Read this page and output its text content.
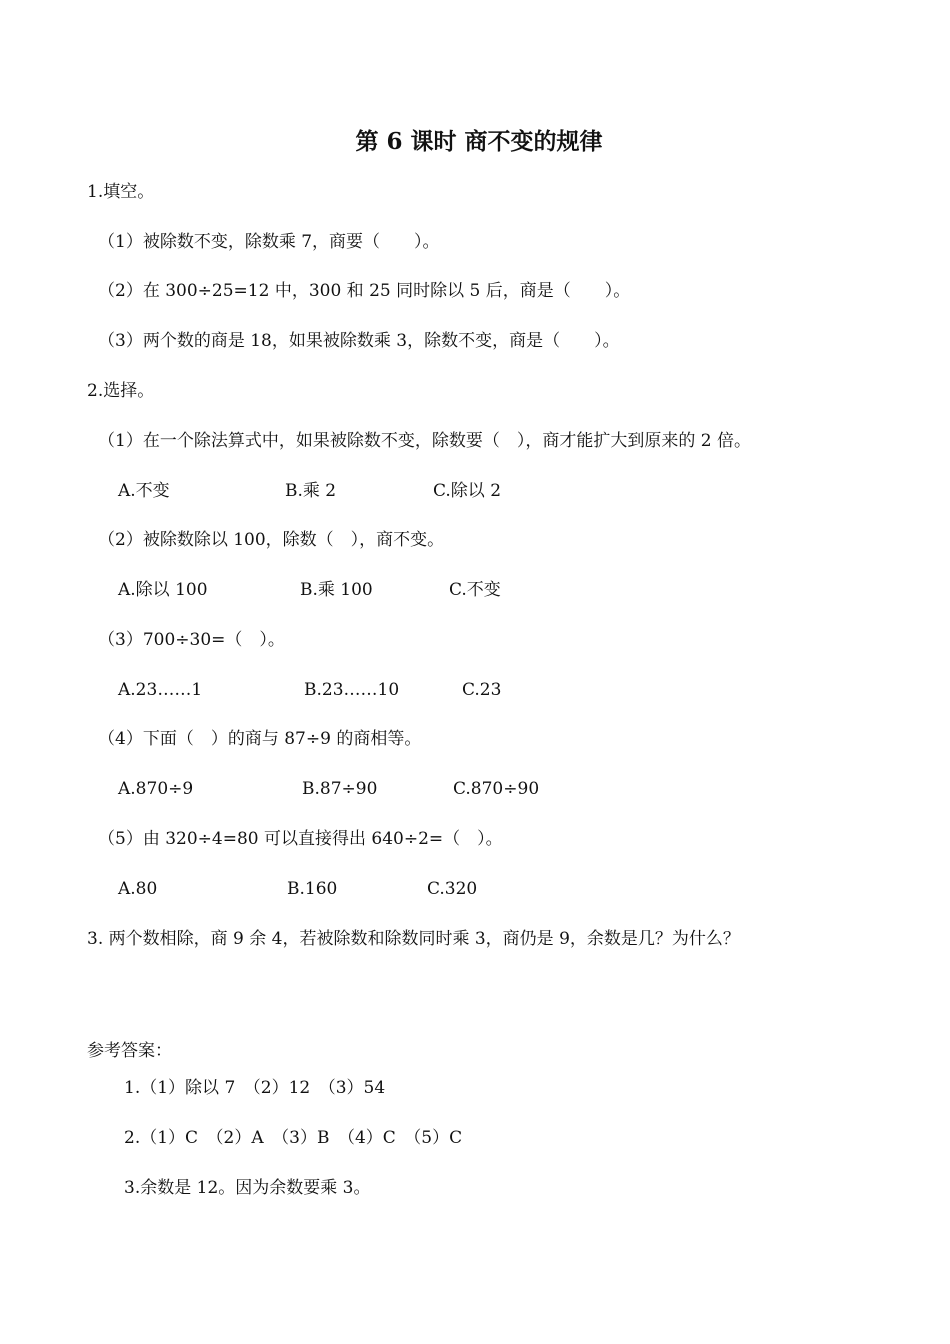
第 6 课时 商不变的规律
1.填空。
（1）被除数不变，除数乘 7，商要（　　）。
（2）在 300÷25=12 中，300 和 25 同时除以 5 后，商是（　　）。
（3）两个数的商是 18，如果被除数乘 3，除数不变，商是（　　）。
2.选择。
（1）在一个除法算式中，如果被除数不变，除数要（　），商才能扩大到原来的 2 倍。
A.不变	B.乘 2	C.除以 2
（2）被除数除以 100，除数（　），商不变。
A.除以 100	B.乘 100	C.不变
（3）700÷30=（　）。
A.23……1	B.23……10	C.23
（4）下面（　）的商与 87÷9 的商相等。
A.870÷9	B.87÷90	C.870÷90
（5）由 320÷4=80 可以直接得出 640÷2=（　）。
A.80	B.160	C.320
3. 两个数相除，商 9 余 4，若被除数和除数同时乘 3，商仍是 9，余数是几？为什么？
参考答案：
1.（1）除以 7　（2）12　（3）54
2.（1）C　（2）A　（3）B　（4）C　（5）C
3.余数是 12。因为余数要乘 3。
